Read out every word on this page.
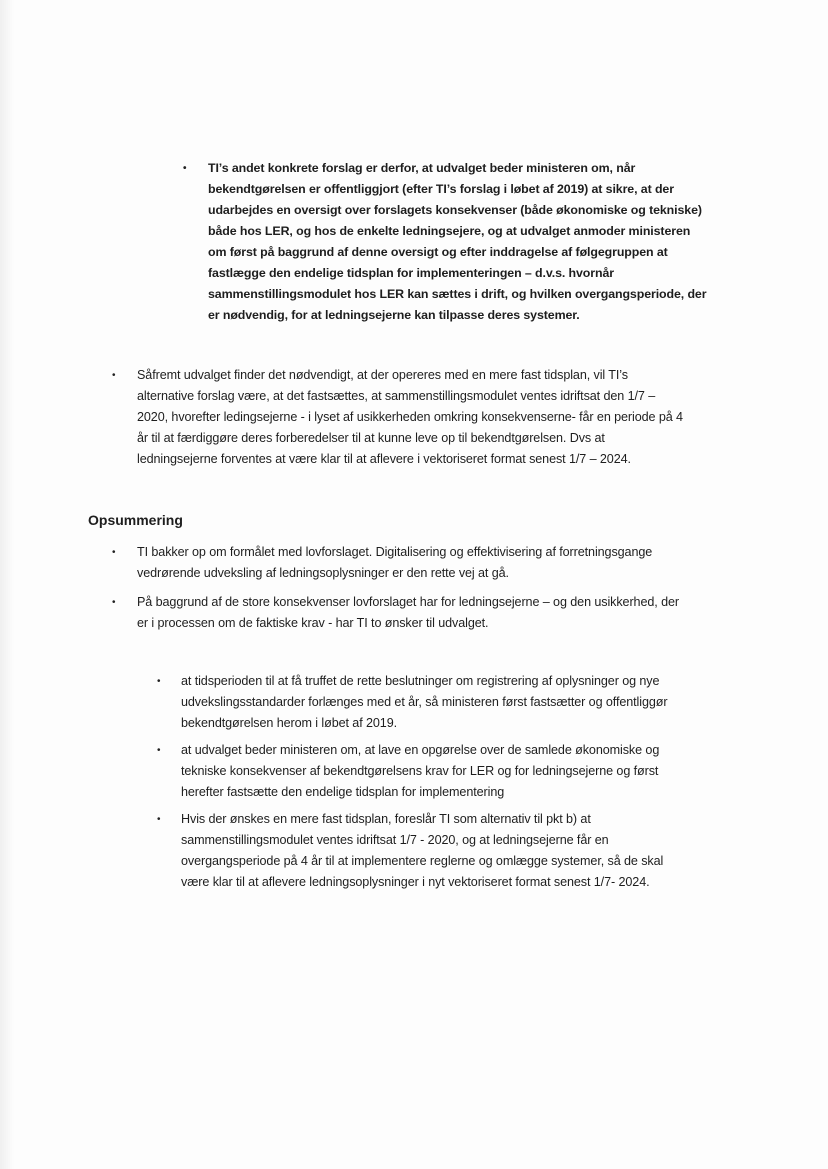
• TI’s andet konkrete forslag er derfor, at udvalget beder ministeren om, når
bekendtgørelsen er offentliggjort (efter TI’s forslag i løbet af 2019) at sikre, at der
udarbejdes en oversigt over forslagets konsekvenser (både økonomiske og tekniske)
både hos LER, og hos de enkelte ledningsejere, og at udvalget anmoder ministeren
om først på baggrund af denne oversigt og efter inddragelse af følgegruppen at
fastlægge den endelige tidsplan for implementeringen – d.v.s. hvornår
sammenstillingsmodulet hos LER kan sættes i drift, og hvilken overgangsperiode, der
er nødvendig, for at ledningsejerne kan tilpasse deres systemer.
• Såfremt udvalget finder det nødvendigt, at der opereres med en mere fast tidsplan, vil TI’s
alternative forslag være, at det fastsættes, at sammenstillingsmodulet ventes idriftsat den 1/7 –
2020, hvorefter ledingsejerne - i lyset af usikkerheden omkring konsekvenserne- får en periode på 4
år til at færdiggøre deres forberedelser til at kunne leve op til bekendtgørelsen. Dvs at
ledningsejerne forventes at være klar til at aflevere i vektoriseret format senest 1/7 – 2024.
Opsummering
• TI bakker op om formålet med lovforslaget. Digitalisering og effektivisering af forretningsgange
vedrørende udveksling af ledningsoplysninger er den rette vej at gå.
• På baggrund af de store konsekvenser lovforslaget har for ledningsejerne – og den usikkerhed, der
er i processen om de faktiske krav - har TI to ønsker til udvalget.
• at tidsperioden til at få truffet de rette beslutninger om registrering af oplysninger og nye
udvekslingsstandarder forlænges med et år, så ministeren først fastsætter og offentliggør
bekendtgørelsen herom i løbet af 2019.
• at udvalget beder ministeren om, at lave en opgørelse over de samlede økonomiske og
tekniske konsekvenser af bekendtgørelsens krav for LER og for ledningsejerne og først
herefter fastsætte den endelige tidsplan for implementering
• Hvis der ønskes en mere fast tidsplan, foreslår TI som alternativ til pkt b) at
sammenstillingsmodulet ventes idriftsat 1/7 - 2020, og at ledningsejerne får en
overgangsperiode på 4 år til at implementere reglerne og omlægge systemer, så de skal
være klar til at aflevere ledningsoplysninger i nyt vektoriseret format senest 1/7- 2024.
